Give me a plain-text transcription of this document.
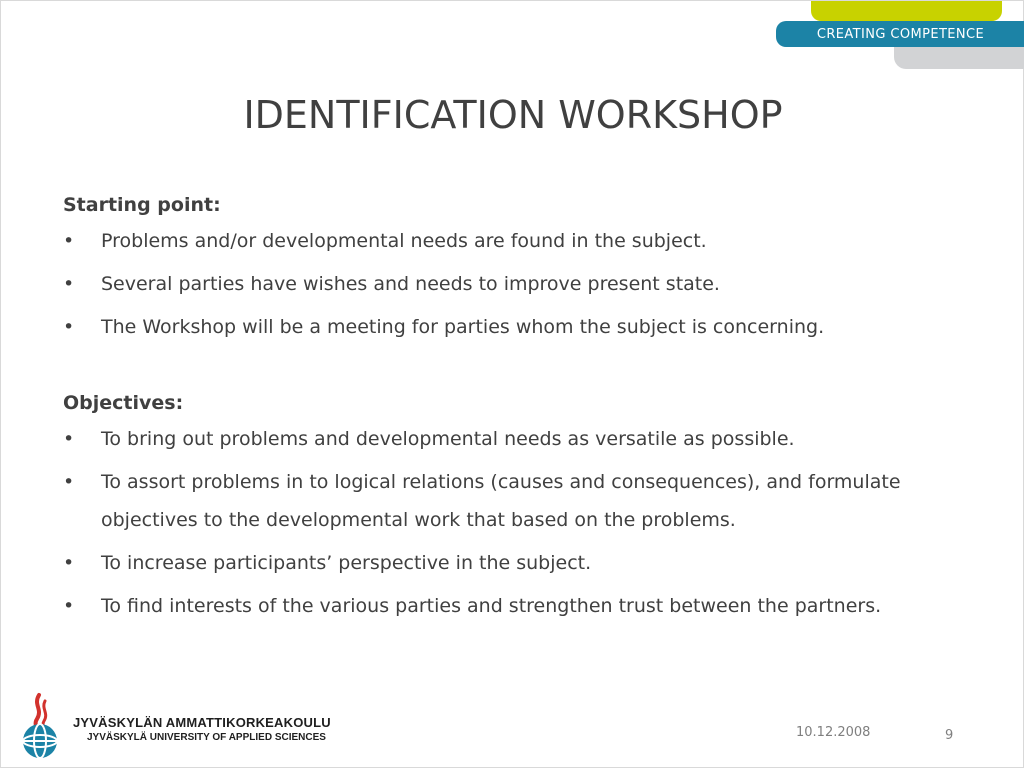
CREATING COMPETENCE
IDENTIFICATION WORKSHOP
Starting point:
• Problems and/or developmental needs are found in the subject.
• Several parties have wishes and needs to improve present state.
• The Workshop will be a meeting for parties whom the subject is concerning.
Objectives:
• To bring out problems and developmental needs as versatile as possible.
• To assort problems in to logical relations (causes and consequences), and formulate objectives to the developmental work that based on the problems.
• To increase participants’ perspective in the subject.
• To find interests of the various parties and strengthen trust between the partners.
JYVÄSKYLÄN AMMATTIKORKEAKOULU
JYVÄSKYLÄ UNIVERSITY OF APPLIED SCIENCES	10.12.2008	9
